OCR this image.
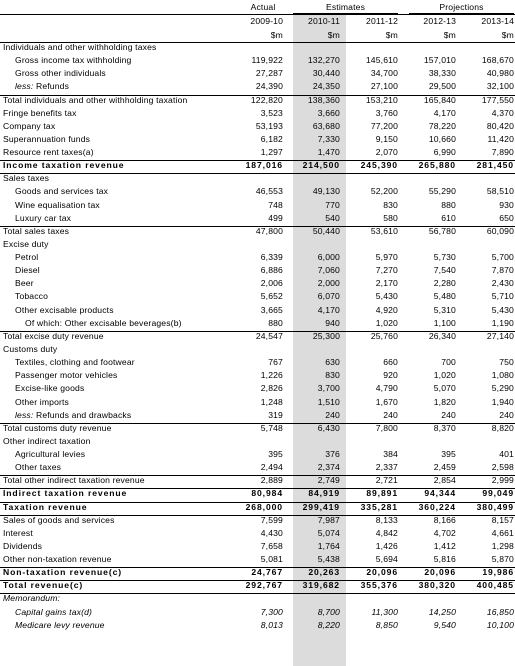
Actual	Estimates	Projections
2009-10	2010-11	2011-12	2012-13	2013-14
$m	$m	$m	$m	$m
Individuals and other withholding taxes
Gross income tax withholding	119,922	132,270	145,610	157,010	168,670
Gross other individuals	27,287	30,440	34,700	38,330	40,980
less: Refunds	24,390	24,350	27,100	29,500	32,100
Total individuals and other withholding taxation	122,820	138,360	153,210	165,840	177,550
Fringe benefits tax	3,523	3,660	3,760	4,170	4,370
Company tax	53,193	63,680	77,200	78,220	80,420
Superannuation funds	6,182	7,330	9,150	10,660	11,420
Resource rent taxes(a)	1,297	1,470	2,070	6,990	7,890
Income taxation revenue	187,016	214,500	245,390	265,880	281,450
Sales taxes
Goods and services tax	46,553	49,130	52,200	55,290	58,510
Wine equalisation tax	748	770	830	880	930
Luxury car tax	499	540	580	610	650
Total sales taxes	47,800	50,440	53,610	56,780	60,090
Excise duty
Petrol	6,339	6,000	5,970	5,730	5,700
Diesel	6,886	7,060	7,270	7,540	7,870
Beer	2,006	2,000	2,170	2,280	2,430
Tobacco	5,652	6,070	5,430	5,480	5,710
Other excisable products	3,665	4,170	4,920	5,310	5,430
Of which: Other excisable beverages(b)	880	940	1,020	1,100	1,190
Total excise duty revenue	24,547	25,300	25,760	26,340	27,140
Customs duty
Textiles, clothing and footwear	767	630	660	700	750
Passenger motor vehicles	1,226	830	920	1,020	1,080
Excise-like goods	2,826	3,700	4,790	5,070	5,290
Other imports	1,248	1,510	1,670	1,820	1,940
less: Refunds and drawbacks	319	240	240	240	240
Total customs duty revenue	5,748	6,430	7,800	8,370	8,820
Other indirect taxation
Agricultural levies	395	376	384	395	401
Other taxes	2,494	2,374	2,337	2,459	2,598
Total other indirect taxation revenue	2,889	2,749	2,721	2,854	2,999
Indirect taxation revenue	80,984	84,919	89,891	94,344	99,049
Taxation revenue	268,000	299,419	335,281	360,224	380,499
Sales of goods and services	7,599	7,987	8,133	8,166	8,157
Interest	4,430	5,074	4,842	4,702	4,661
Dividends	7,658	1,764	1,426	1,412	1,298
Other non-taxation revenue	5,081	5,438	5,694	5,816	5,870
Non-taxation revenue(c)	24,767	20,263	20,096	20,096	19,986
Total revenue(c)	292,767	319,682	355,376	380,320	400,485
Memorandum:
Capital gains tax(d)	7,300	8,700	11,300	14,250	16,850
Medicare levy revenue	8,013	8,220	8,850	9,540	10,100
